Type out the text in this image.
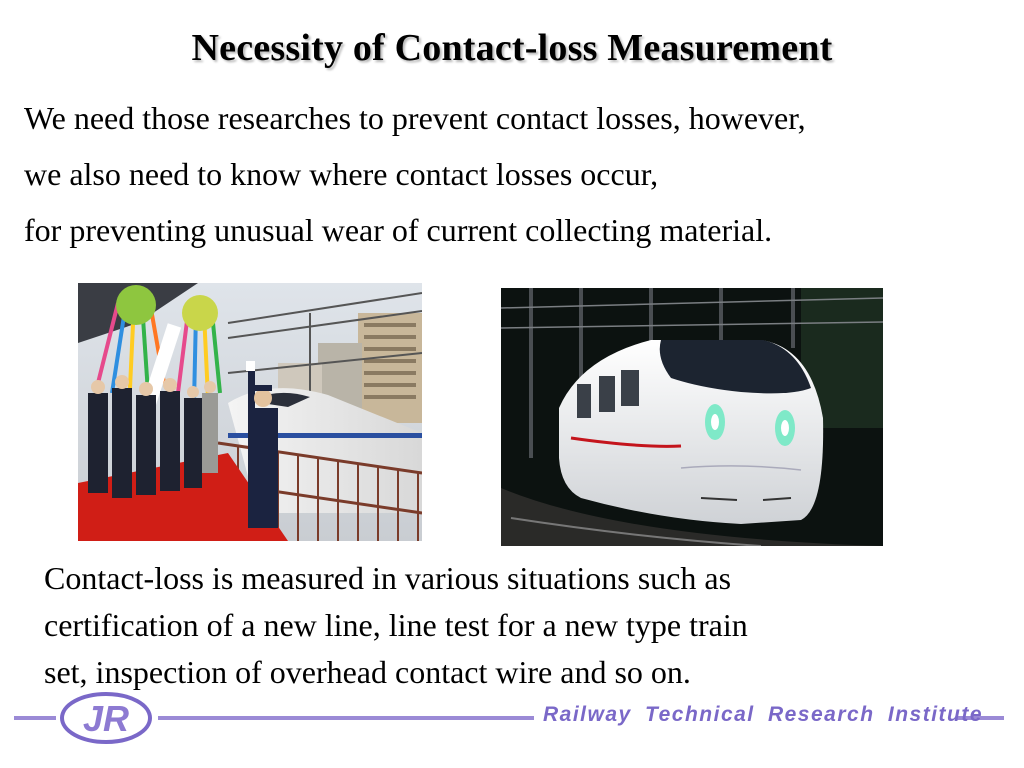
Necessity of Contact-loss Measurement
We need those researches to prevent contact losses, however,
we also need to know where contact losses occur,
for preventing unusual wear of current collecting material.
Contact-loss is measured in various situations such as
certification of a new line, line test for a new type train
set, inspection of overhead contact wire and so on.
JR	Railway Technical Research Institute
